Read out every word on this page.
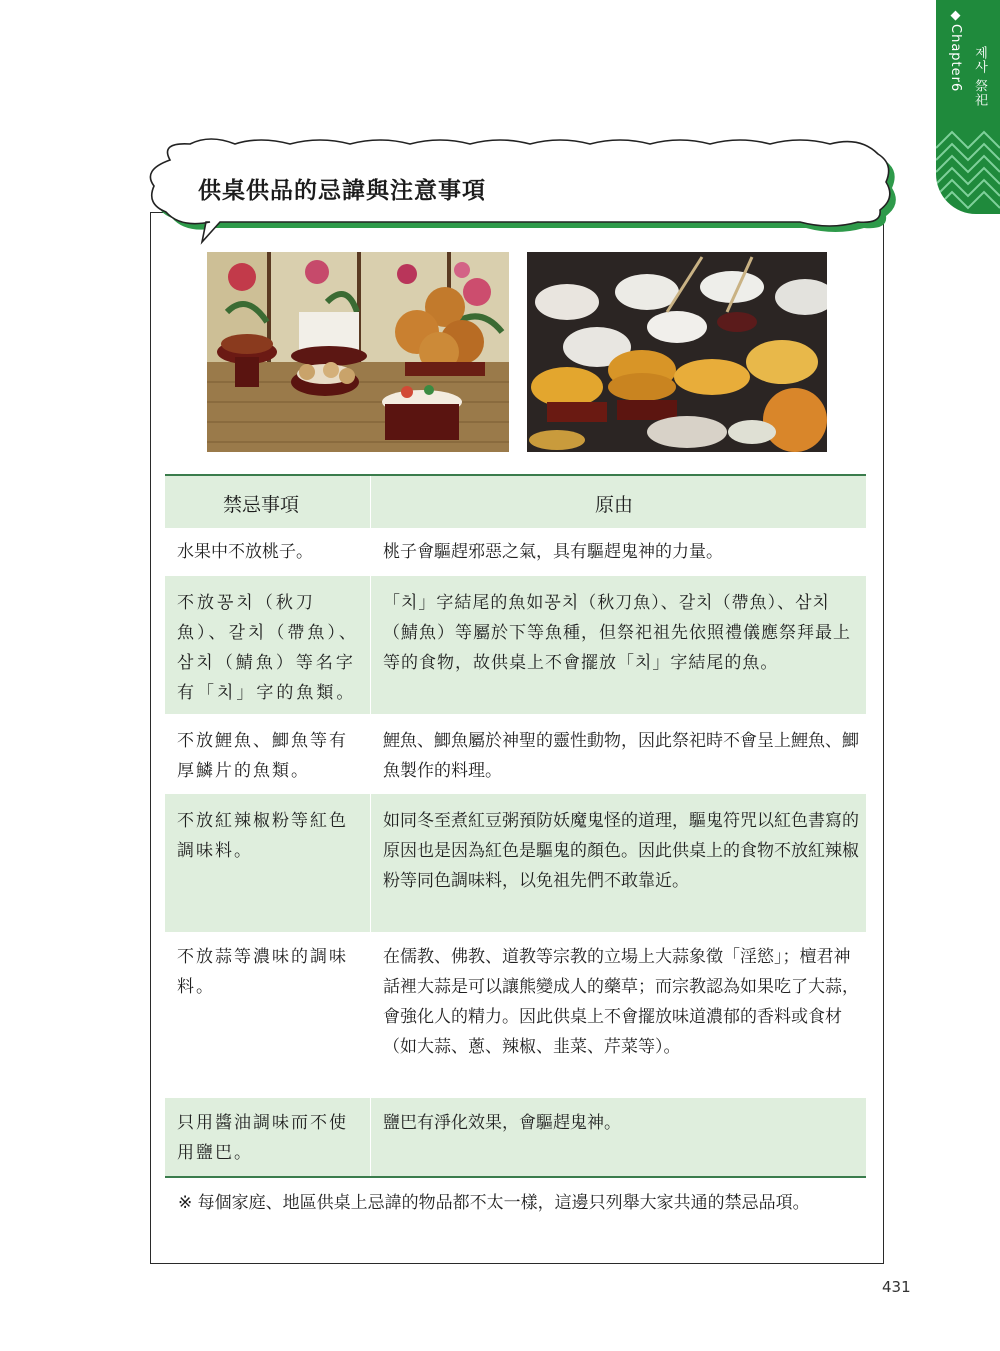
◆Chapter6 제사 祭祀
供桌供品的忌諱與注意事項
禁忌事項	原由
水果中不放桃子。	桃子會驅趕邪惡之氣，具有驅趕鬼神的力量。
不放꽁치（秋刀魚）、갈치（帶魚）、삼치（鯖魚）等名字有「치」字的魚類。
「치」字結尾的魚如꽁치（秋刀魚）、갈치（帶魚）、삼치（鯖魚）等屬於下等魚種，但祭祀祖先依照禮儀應祭拜最上等的食物，故供桌上不會擺放「치」字結尾的魚。
不放鯉魚、鯽魚等有厚鱗片的魚類。
鯉魚、鯽魚屬於神聖的靈性動物，因此祭祀時不會呈上鯉魚、鯽魚製作的料理。
不放紅辣椒粉等紅色調味料。
如同冬至煮紅豆粥預防妖魔鬼怪的道理，驅鬼符咒以紅色書寫的原因也是因為紅色是驅鬼的顏色。因此供桌上的食物不放紅辣椒粉等同色調味料，以免祖先們不敢靠近。
不放蒜等濃味的調味料。
在儒教、佛教、道教等宗教的立場上大蒜象徵「淫慾」；檀君神話裡大蒜是可以讓熊變成人的藥草；而宗教認為如果吃了大蒜，會強化人的精力。因此供桌上不會擺放味道濃郁的香料或食材（如大蒜、蔥、辣椒、韭菜、芹菜等）。
只用醬油調味而不使用鹽巴。
鹽巴有淨化效果，會驅趕鬼神。
※ 每個家庭、地區供桌上忌諱的物品都不太一樣，這邊只列舉大家共通的禁忌品項。
431
